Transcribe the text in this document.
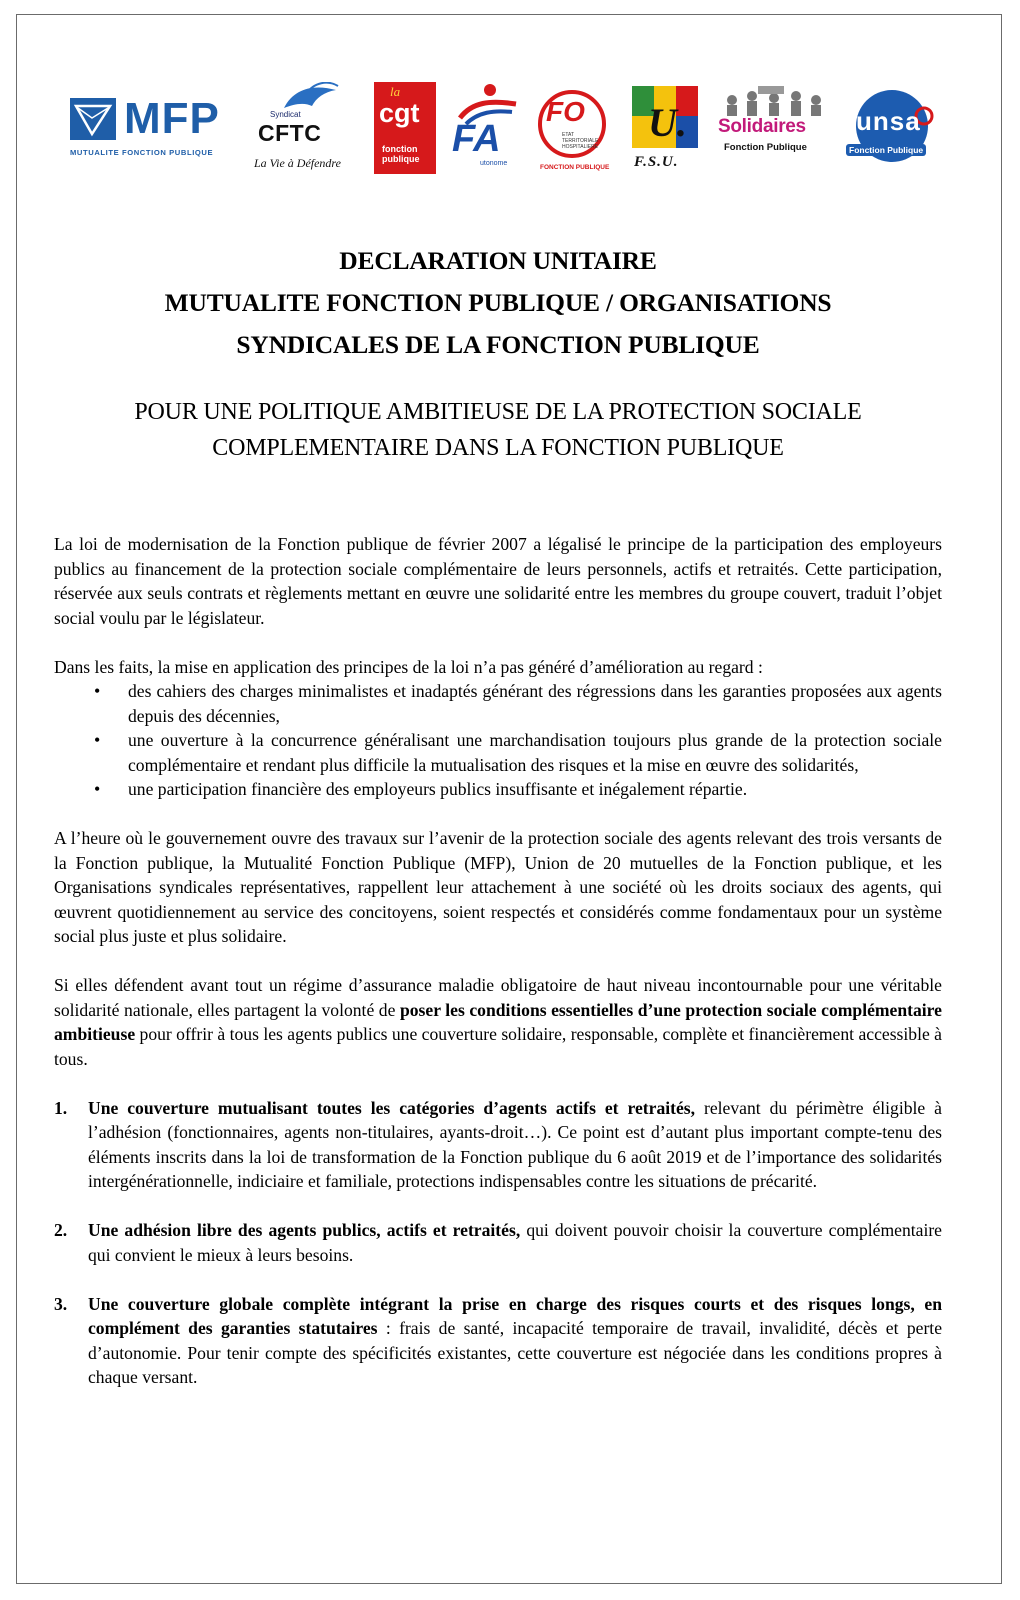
MFP
MUTUALITE FONCTION PUBLIQUE
Syndicat
CFTC
La Vie à Défendre
la
cgt
fonction publique FA
utonome
FO
ETAT TERRITORIALE HOSPITALIERE
FONCTION PUBLIQUE
U.
F.S.U.
Solidaires
Fonction Publique
unsa
Fonction Publique
DECLARATION UNITAIRE
MUTUALITE FONCTION PUBLIQUE / ORGANISATIONS
SYNDICALES DE LA FONCTION PUBLIQUE
POUR UNE POLITIQUE AMBITIEUSE DE LA PROTECTION SOCIALE
COMPLEMENTAIRE DANS LA FONCTION PUBLIQUE

La loi de modernisation de la Fonction publique de février 2007 a légalisé le principe de la participation des employeurs publics au financement de la protection sociale complémentaire de leurs personnels, actifs et retraités. Cette participation, réservée aux seuls contrats et règlements mettant en œuvre une solidarité entre les membres du groupe couvert, traduit l’objet social voulu par le législateur.

Dans les faits, la mise en application des principes de la loi n’a pas généré d’amélioration au regard :

• des cahiers des charges minimalistes et inadaptés générant des régressions dans les garanties proposées aux agents depuis des décennies,
• une ouverture à la concurrence généralisant une marchandisation toujours plus grande de la protection sociale complémentaire et rendant plus difficile la mutualisation des risques et la mise en œuvre des solidarités,
• une participation financière des employeurs publics insuffisante et inégalement répartie.

A l’heure où le gouvernement ouvre des travaux sur l’avenir de la protection sociale des agents relevant des trois versants de la Fonction publique, la Mutualité Fonction Publique (MFP), Union de 20 mutuelles de la Fonction publique, et les Organisations syndicales représentatives, rappellent leur attachement à une société où les droits sociaux des agents, qui œuvrent quotidiennement au service des concitoyens, soient respectés et considérés comme fondamentaux pour un système social plus juste et plus solidaire.

Si elles défendent avant tout un régime d’assurance maladie obligatoire de haut niveau incontournable pour une véritable solidarité nationale, elles partagent la volonté de poser les conditions essentielles d’une protection sociale complémentaire ambitieuse pour offrir à tous les agents publics une couverture solidaire, responsable, complète et financièrement accessible à tous.

1. Une couverture mutualisant toutes les catégories d’agents actifs et retraités, relevant du périmètre éligible à l’adhésion (fonctionnaires, agents non-titulaires, ayants-droit…). Ce point est d’autant plus important compte-tenu des éléments inscrits dans la loi de transformation de la Fonction publique du 6 août 2019 et de l’importance des solidarités intergénérationnelle, indiciaire et familiale, protections indispensables contre les situations de précarité.
2. Une adhésion libre des agents publics, actifs et retraités, qui doivent pouvoir choisir la couverture complémentaire qui convient le mieux à leurs besoins.
3. Une couverture globale complète intégrant la prise en charge des risques courts et des risques longs, en complément des garanties statutaires : frais de santé, incapacité temporaire de travail, invalidité, décès et perte d’autonomie. Pour tenir compte des spécificités existantes, cette couverture est négociée dans les conditions propres à chaque versant.
